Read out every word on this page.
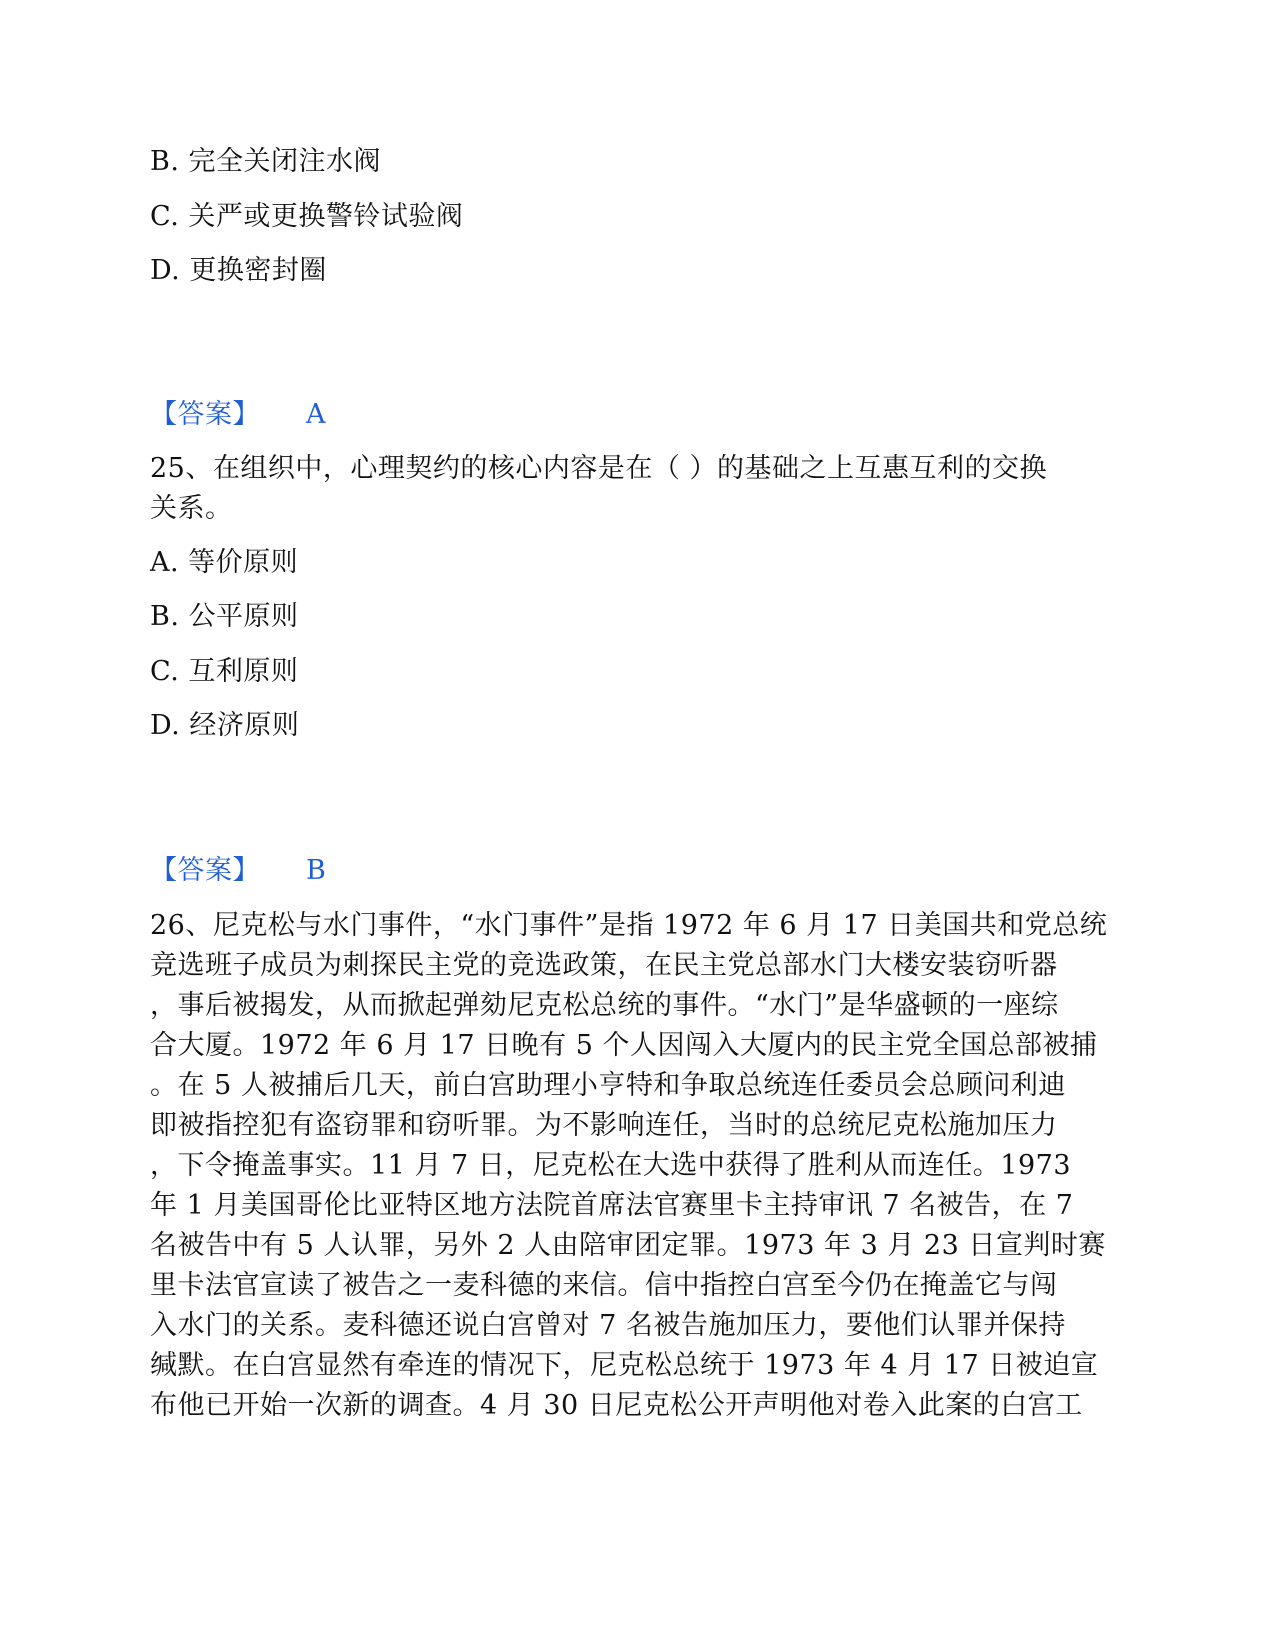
B. 完全关闭注水阀
C. 关严或更换警铃试验阀
D. 更换密封圈
【答案】 A
25、在组织中，心理契约的核心内容是在（ ）的基础之上互惠互利的交换
关系。
A. 等价原则
B. 公平原则
C. 互利原则
D. 经济原则
【答案】 B
26、尼克松与水门事件，“水门事件”是指 1972 年 6 月 17 日美国共和党总统
竞选班子成员为刺探民主党的竞选政策，在民主党总部水门大楼安装窃听器
，事后被揭发，从而掀起弹劾尼克松总统的事件。“水门”是华盛顿的一座综
合大厦。1972 年 6 月 17 日晚有 5 个人因闯入大厦内的民主党全国总部被捕
。在 5 人被捕后几天，前白宫助理小亨特和争取总统连任委员会总顾问利迪
即被指控犯有盗窃罪和窃听罪。为不影响连任，当时的总统尼克松施加压力
，下令掩盖事实。11 月 7 日，尼克松在大选中获得了胜利从而连任。1973
年 1 月美国哥伦比亚特区地方法院首席法官赛里卡主持审讯 7 名被告，在 7
名被告中有 5 人认罪，另外 2 人由陪审团定罪。1973 年 3 月 23 日宣判时赛
里卡法官宣读了被告之一麦科德的来信。信中指控白宫至今仍在掩盖它与闯
入水门的关系。麦科德还说白宫曾对 7 名被告施加压力，要他们认罪并保持
缄默。在白宫显然有牵连的情况下，尼克松总统于 1973 年 4 月 17 日被迫宣
布他已开始一次新的调查。4 月 30 日尼克松公开声明他对卷入此案的白宫工
